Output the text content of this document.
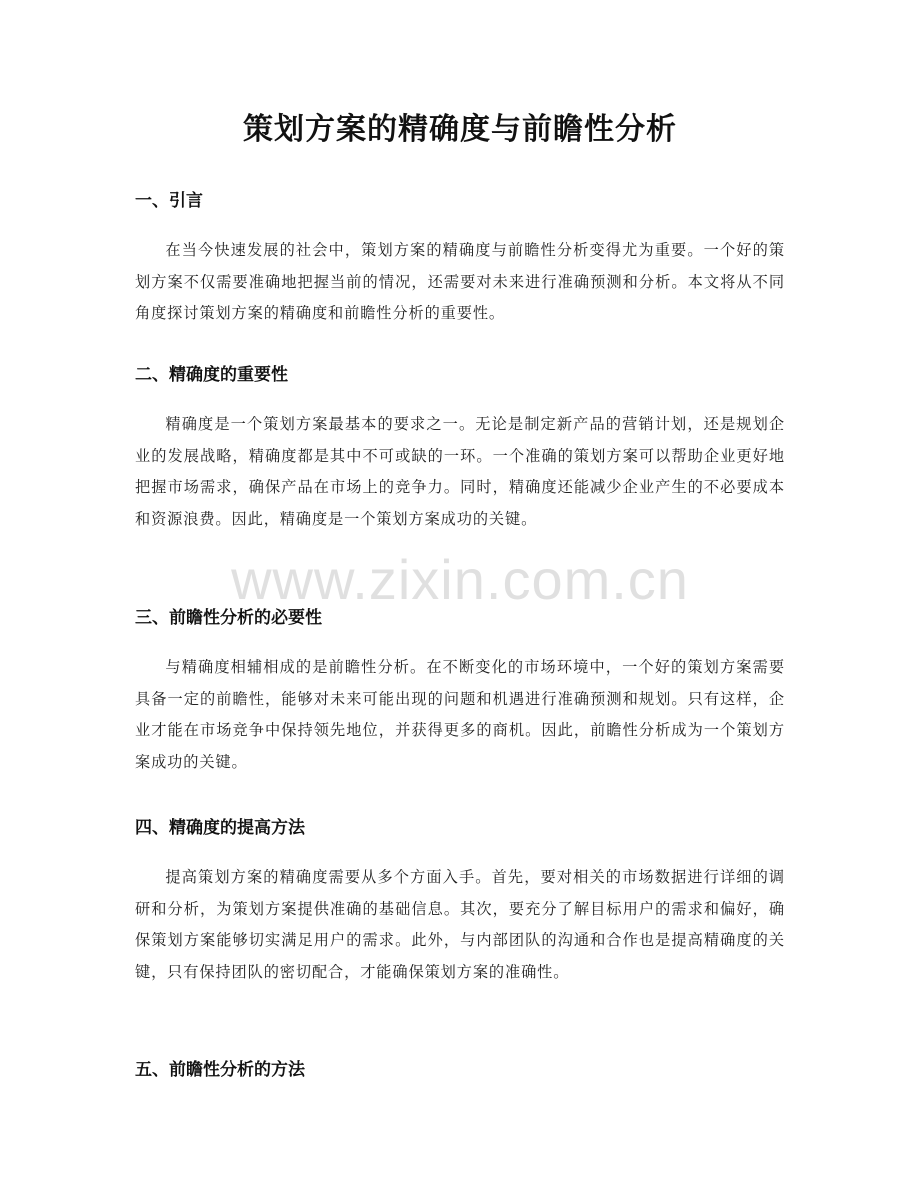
策划方案的精确度与前瞻性分析
一、引言

在当今快速发展的社会中，策划方案的精确度与前瞻性分析变得尤为重要。一个好的策划方案不仅需要准确地把握当前的情况，还需要对未来进行准确预测和分析。本文将从不同角度探讨策划方案的精确度和前瞻性分析的重要性。

二、精确度的重要性

精确度是一个策划方案最基本的要求之一。无论是制定新产品的营销计划，还是规划企业的发展战略，精确度都是其中不可或缺的一环。一个准确的策划方案可以帮助企业更好地把握市场需求，确保产品在市场上的竞争力。同时，精确度还能减少企业产生的不必要成本和资源浪费。因此，精确度是一个策划方案成功的关键。

三、前瞻性分析的必要性

与精确度相辅相成的是前瞻性分析。在不断变化的市场环境中，一个好的策划方案需要具备一定的前瞻性，能够对未来可能出现的问题和机遇进行准确预测和规划。只有这样，企业才能在市场竞争中保持领先地位，并获得更多的商机。因此，前瞻性分析成为一个策划方案成功的关键。

四、精确度的提高方法

提高策划方案的精确度需要从多个方面入手。首先，要对相关的市场数据进行详细的调研和分析，为策划方案提供准确的基础信息。其次，要充分了解目标用户的需求和偏好，确保策划方案能够切实满足用户的需求。此外，与内部团队的沟通和合作也是提高精确度的关键，只有保持团队的密切配合，才能确保策划方案的准确性。

五、前瞻性分析的方法
www.zixin.com.cn
